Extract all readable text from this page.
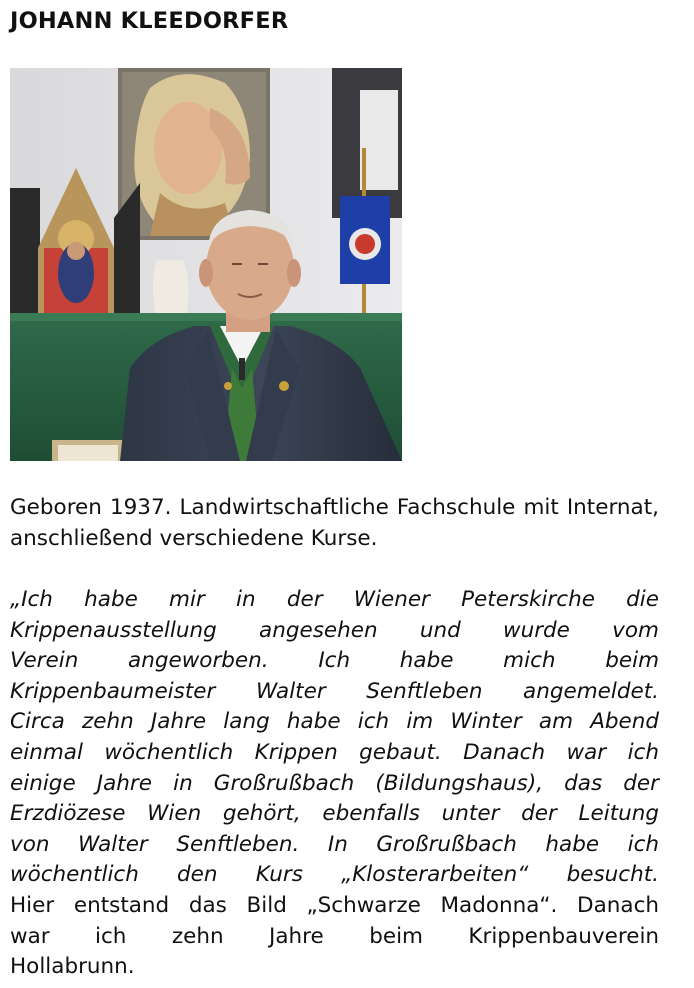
JOHANN KLEEDORFER

Geboren 1937. Landwirtschaftliche Fachschule mit Internat, anschließend verschiedene Kurse.

„Ich habe mir in der Wiener Peterskirche die
Krippenausstellung angesehen und wurde vom
Verein angeworben. Ich habe mich beim
Krippenbaumeister Walter Senftleben angemeldet.
Circa zehn Jahre lang habe ich im Winter am Abend
einmal wöchentlich Krippen gebaut. Danach war ich
einige Jahre in Großrußbach (Bildungshaus), das der
Erzdiözese Wien gehört, ebenfalls unter der Leitung
von Walter Senftleben. In Großrußbach habe ich
wöchentlich den Kurs „Klosterarbeiten“ besucht.
Hier entstand das Bild „Schwarze Madonna“. Danach
war ich zehn Jahre beim Krippenbauverein
Hollabrunn.
